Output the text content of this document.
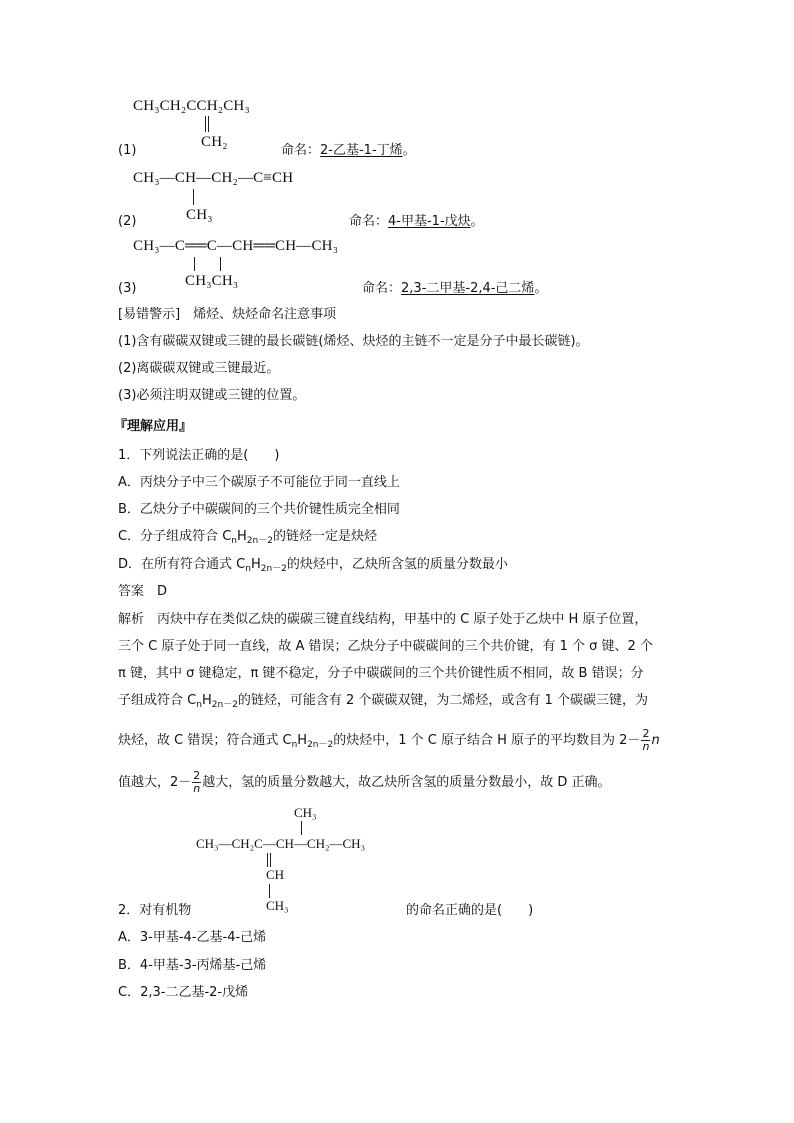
CH₃CH₂CCH₂CH₃
CH₂
(1)	命名：2-乙基-1-丁烯。
CH₃—CH—CH₂—C≡CH
CH₃
(2)	命名：4-甲基-1-戊炔。
CH₃—C══C—CH══CH—CH₃
CH₃CH₃
(3)	命名：2,3-二甲基-2,4-己二烯。
[易错警示]　烯烃、炔烃命名注意事项
(1)含有碳碳双键或三键的最长碳链(烯烃、炔烃的主链不一定是分子中最长碳链)。
(2)离碳碳双键或三键最近。
(3)必须注明双键或三键的位置。
『理解应用』
1．下列说法正确的是(　　)
A．丙炔分子中三个碳原子不可能位于同一直线上
B．乙炔分子中碳碳间的三个共价键性质完全相同
C．分子组成符合 $C_nH_{2n-2}$的链烃一定是炔烃
D．在所有符合通式 $C_nH_{2n-2}$的炔烃中，乙炔所含氢的质量分数最小
答案　D
解析　丙炔中存在类似乙炔的碳碳三键直线结构，甲基中的 C 原子处于乙炔中 H 原子位置，
三个 C 原子处于同一直线，故 A 错误；乙炔分子中碳碳间的三个共价键，有 1 个 σ 键、2 个
π 键，其中 σ 键稳定，π 键不稳定，分子中碳碳间的三个共价键性质不相同，故 B 错误；分
子组成符合 $C_nH_{2n-2}$的链烃，可能含有 2 个碳碳双键，为二烯烃，或含有 1 个碳碳三键，为
炔烃，故 C 错误；符合通式 $C_nH_{2n-2}$的炔烃中，1 个 C 原子结合 H 原子的平均数目为 $2- \frac{2}{n}$ n
值越大，$2- \frac{2}{n}$ 越大，氢的质量分数越大，故乙炔所含氢的质量分数最小，故 D 正确。
CH₃
CH₃—CH₂C—CH—CH₂—CH₃
CH
CH₃
2．对有机物	的命名正确的是(　　)
A．3-甲基-4-乙基-4-己烯
B．4-甲基-3-丙烯基-己烯
C．2,3-二乙基-2-戊烯
